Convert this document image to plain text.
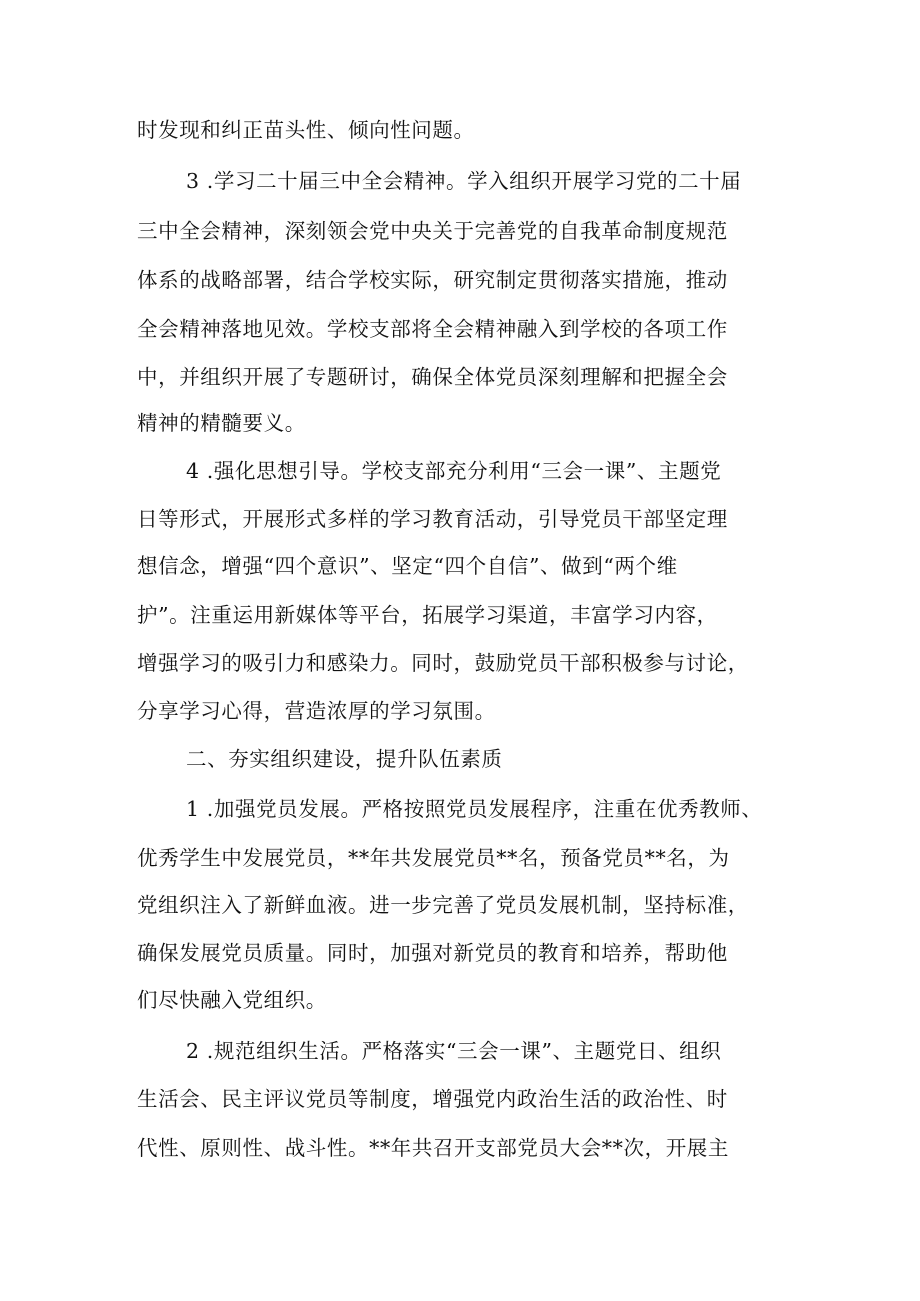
时发现和纠正苗头性、倾向性问题。
3 .学习二十届三中全会精神。学入组织开展学习党的二十届
三中全会精神，深刻领会党中央关于完善党的自我革命制度规范
体系的战略部署，结合学校实际，研究制定贯彻落实措施，推动
全会精神落地见效。学校支部将全会精神融入到学校的各项工作
中，并组织开展了专题研讨，确保全体党员深刻理解和把握全会
精神的精髓要义。
4 .强化思想引导。学校支部充分利用“三会一课”、主题党
日等形式，开展形式多样的学习教育活动，引导党员干部坚定理
想信念，增强“四个意识”、坚定“四个自信”、做到“两个维
护”。注重运用新媒体等平台，拓展学习渠道，丰富学习内容，
增强学习的吸引力和感染力。同时，鼓励党员干部积极参与讨论，
分享学习心得，营造浓厚的学习氛围。
二、夯实组织建设，提升队伍素质
1 .加强党员发展。严格按照党员发展程序，注重在优秀教师、
优秀学生中发展党员，**年共发展党员**名，预备党员**名，为
党组织注入了新鲜血液。进一步完善了党员发展机制，坚持标准，
确保发展党员质量。同时，加强对新党员的教育和培养，帮助他
们尽快融入党组织。
2 .规范组织生活。严格落实“三会一课”、主题党日、组织
生活会、民主评议党员等制度，增强党内政治生活的政治性、时
代性、原则性、战斗性。**年共召开支部党员大会**次，开展主
